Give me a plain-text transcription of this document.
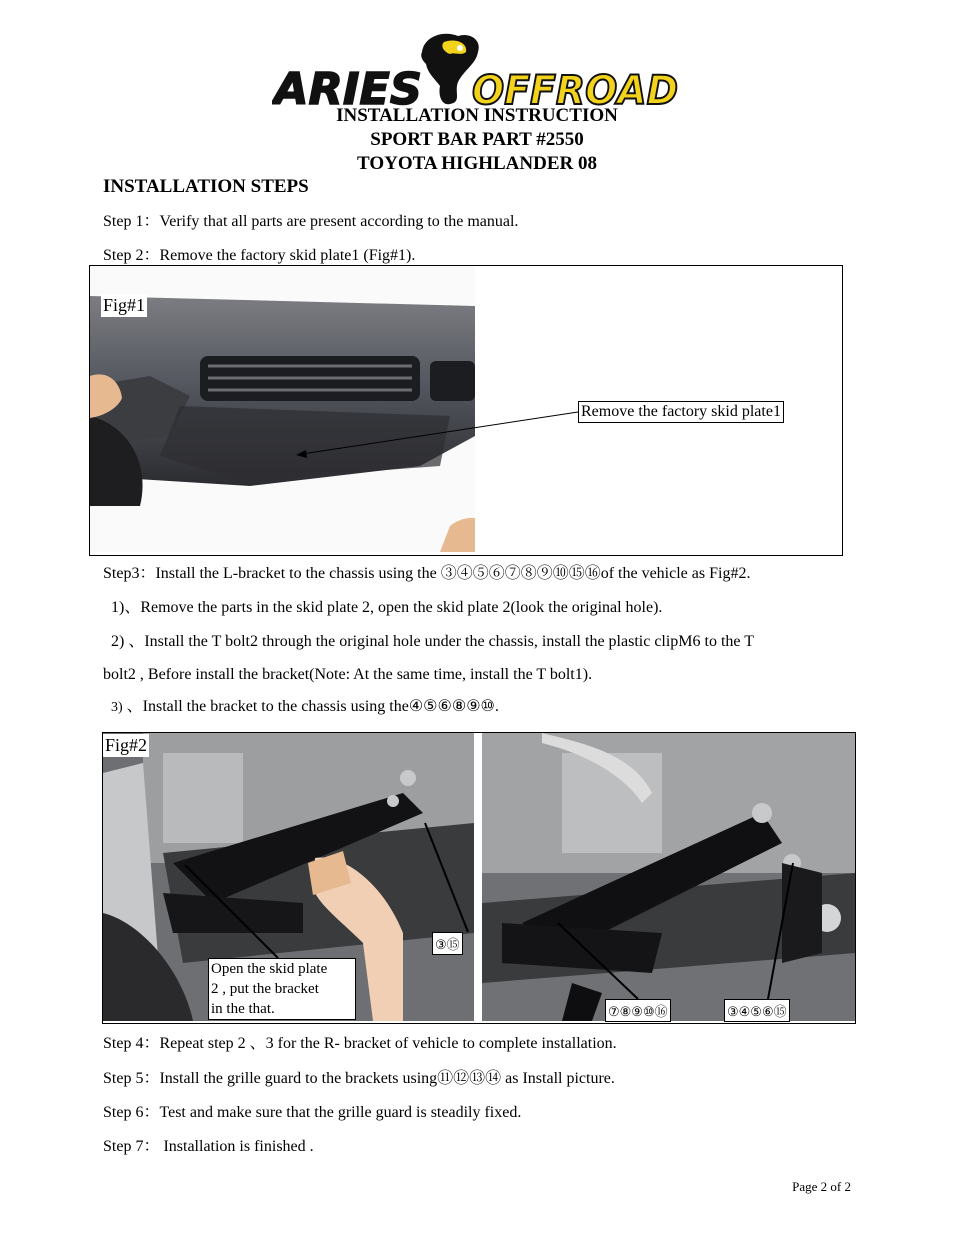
ARIES OFFROAD
INSTALLATION INSTRUCTION
SPORT BAR PART #2550
TOYOTA HIGHLANDER 08
INSTALLATION STEPS
Step 1：Verify that all parts are present according to the manual.
Step 2：Remove the factory skid plate1 (Fig#1).
Fig#1
Remove the factory skid plate1
Step3：Install the L-bracket to the chassis using the ③④⑤⑥⑦⑧⑨⑩⑮⑯of the vehicle as Fig#2.
1)、Remove the parts in the skid plate 2, open the skid plate 2(look the original hole).
2) 、Install the T bolt2 through the original hole under the chassis, install the plastic clipM6 to the T
bolt2 , Before install the bracket(Note: At the same time, install the T bolt1).
3) 、Install the bracket to the chassis using the④⑤⑥⑧⑨⑩.
Fig#2
Open the skid plate
2 , put the bracket
in the that.
③⑮
⑦⑧⑨⑩⑯	③④⑤⑥⑮
Step 4：Repeat step 2 、3 for the R- bracket of vehicle to complete installation.
Step 5：Install the grille guard to the brackets using⑪⑫⑬⑭ as Install picture.
Step 6：Test and make sure that the grille guard is steadily fixed.
Step 7： Installation is finished .
Page 2 of 2
